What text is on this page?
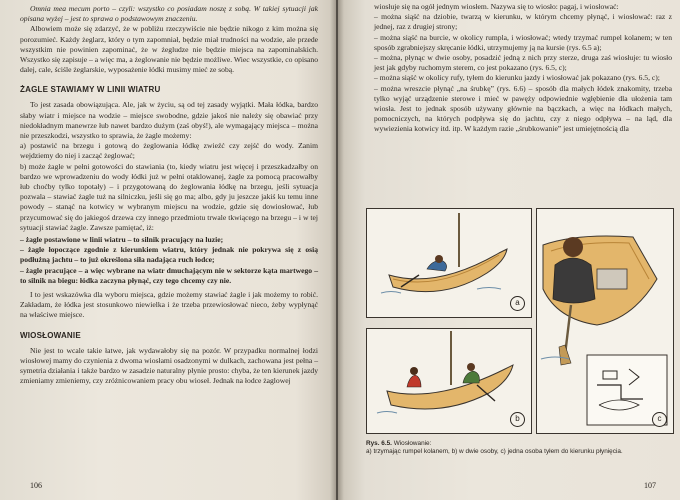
Omnia mea mecum porto – czyli: wszystko co posiadam noszę z sobą. W takiej sytuacji jak opisana wyżej – jest to sprawa o podstawowym znaczeniu.

Albowiem może się zdarzyć, że w pobliżu rzeczywiście nie będzie nikogo z kim można się porozumieć. Każdy żeglarz, który o tym zapomniał, będzie miał trudności na wodzie, ale przede wszystkim nie powinien zapominać, że w żegludze nie będzie miejsca na zapominalskich. Wszystko się zapisuje – a więc ma, a żeglowanie nie będzie możliwe. Wiec wszystkie, co opisano dalej, cale, ściśle żeglarskie, wyposażenie łódki musimy mieć ze sobą.

ŻAGLE STAWIAMY W LINII WIATRU

To jest zasada obowiązująca. Ale, jak w życiu, są od tej zasady wyjątki. Mała łódka, bardzo słaby wiatr i miejsce na wodzie – miejsce swobodne, gdzie jakoś nie należy się obawiać przy niedokładnym manewrze łub nawet bardzo dużym (zaś obyś!), ale wymagający miejsca – można nie przeszkodzi, wszystko to sprawia, że żagle możemy:

a) postawić na brzegu i gotową do żeglowania łódkę zwieźć czy zejść do wody. Zanim wejdziemy do niej i zacząć żeglować;

b) może żagle w pełni gotowości do stawiania (to, kiedy wiatru jest więcej i przeszkadzałby on bardzo we wprowadzeniu do wody łódki już w pełni otaklowanej, żagle za pomocą pracowałby łub choćby tylko topotały) – i przygotowaną do żeglowania łódkę na brzegu, jeśli sytuacja pozwala – stawiać żagle tuż na silniczku, jeśli się go ma; albo, gdy ju jeszcze jakiś ku temu inne powody – stanąć na kotwicy w wybranym miejscu na wodzie, gdzie się dowiosłować, łub przycumować się do jakiegoś drzewa czy innego przedmiotu trwale tkwiącego na brzegu – i w tej sytuacji stawiać żagle. Zawsze pamiętać, iż:

– żagle postawione w linii wiatru – to silnik pracujący na luzie;
– żagle łopoczące zgodnie z kierunkiem wiatru, który jednak nie pokrywa się z osią podłużną jachtu – to już określona siła nadająca ruch łodce;
– żagle pracujące – a więc wybrane na wiatr dmuchającym nie w sektorze kąta martwego – to silnik na biegu: łódka zaczyna płynąć, czy tego chcemy czy nie.

I to jest wskazówka dla wyboru miejsca, gdzie możemy stawiać żagle i jak możemy to robić. Zakładam, że łódka jest stosunkowo niewielka i że trzeba przewiosłować nieco, żeby wypłynąć na właściwe miejsce.

WIOSŁOWANIE

Nie jest to wcale takie łatwe, jak wydawałoby się na pozór. W przypadku normalnej łodzi wiosłowej mamy do czynienia z dwoma wiosłami osadzonymi w dulkach, zachowana jest pełna – symetria działania i także bardzo w zasadzie naturalny płynie prosto: chyba, że ten kierunek jazdy zmieniamy zmieniemy, czy zróżnicowaniem pracy obu wioseł. Jednak na łodce żaglowej

106

wiosłuje się na ogół jednym wiosłem. Nazywa się to wiosło: pagaj, i wiosłować:

– można siąść na dziobie, twarzą w kierunku, w którym chcemy płynąć, i wiosłować: raz z jednej, raz z drugiej strony;
– można siąść na burcie, w okolicy rumpla, i wiosłować; wtedy trzymać rumpel kolanem; w ten sposób zgrabniejszy skręcanie łódki, utrzymujemy ją na kursie (rys. 6.5 a);
– można, płynąc w dwie osoby, posadzić jedną z nich przy sterze, druga zaś wiosłuje: tu wiosło jest jak gdyby ruchomym sterem, co jest pokazano (rys. 6.5, c);
– można siąść w okolicy rufy, tyłem do kierunku jazdy i wiosłować jak pokazano (rys. 6.5, c);
– można wreszcie płynąć „na śrubkę” (rys. 6.6) – sposób dla małych łódek znakomity, trzeba tylko wyjąć urządzenie sterowe i mieć w pawęży odpowiednie wgłębienie dla ułożenia tam wiosła. Jest to jednak sposób używany głównie na bączkach, a więc na łódkach małych, pomocniczych, na których podpływa się do jachtu, czy z niego odpływa – na ląd, dla wywiezienia kotwicy itd. itp. W każdym razie „śrubkowanie” jest umiejętnością dla
a
b	c
Rys. 6.5. Wiosłowanie:
a) trzymając rumpel kolanem, b) w dwie osoby, c) jedna osoba tyłem do kierunku płynięcia.
107
